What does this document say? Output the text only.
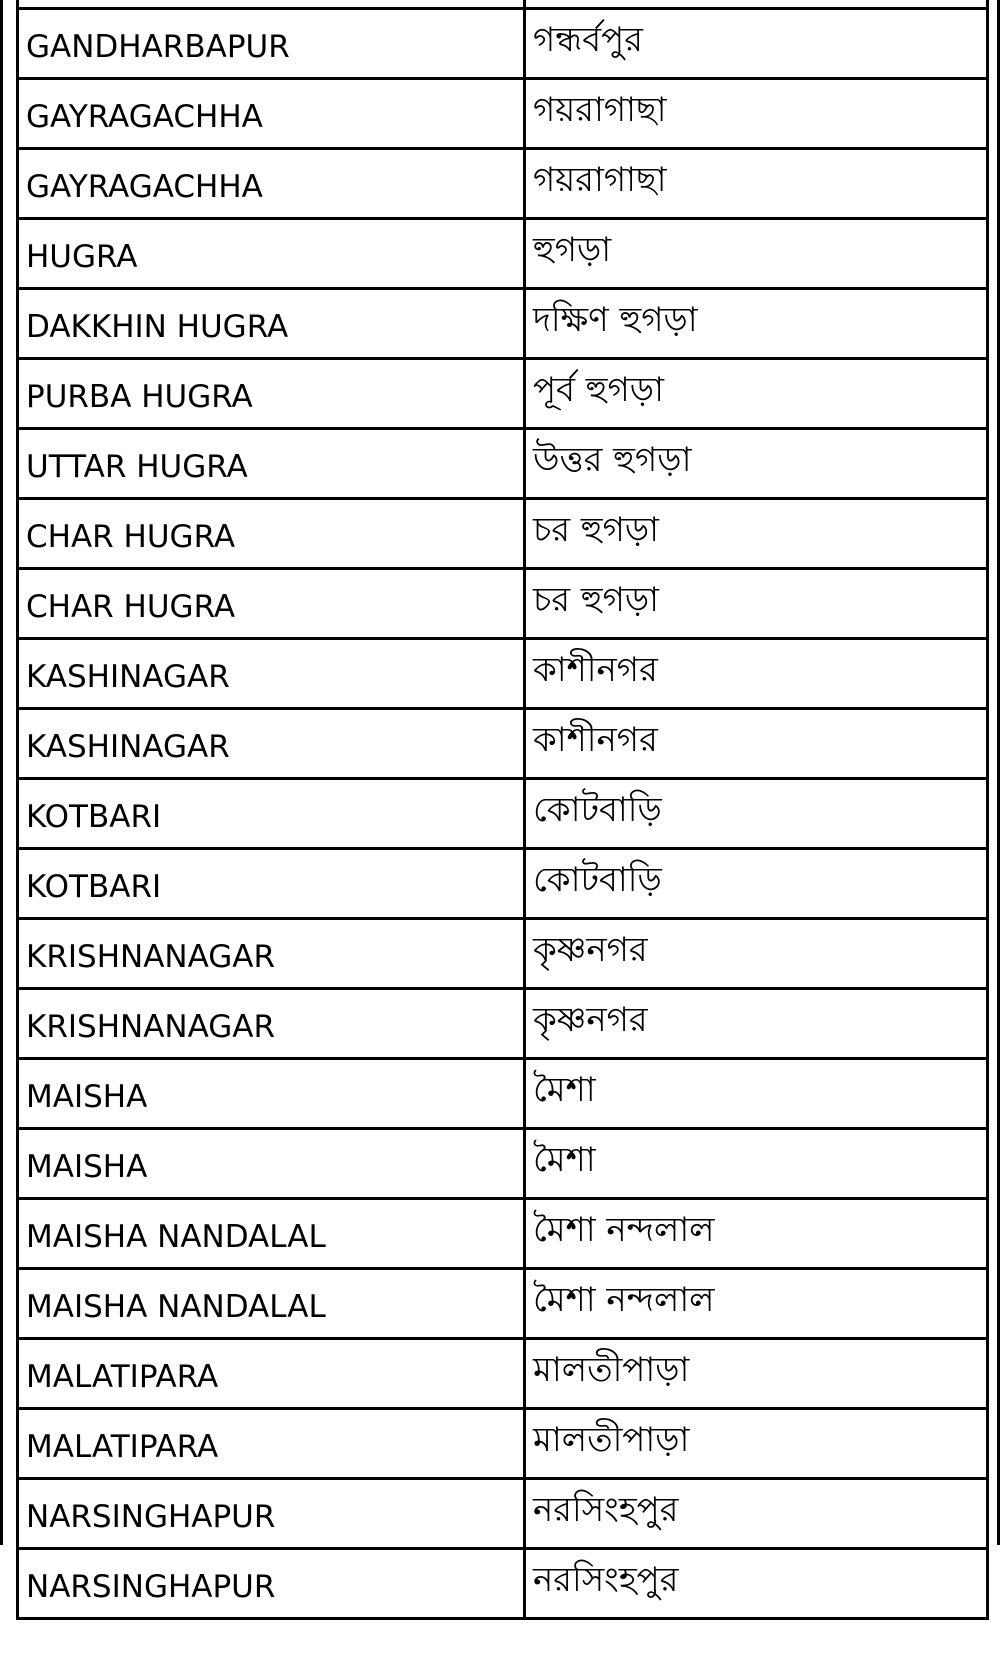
GANDHARBAPUR	গন্ধর্বপুর
GAYRAGACHHA	গয়রাগাছা
GAYRAGACHHA	গয়রাগাছা
HUGRA	হুগড়া
DAKKHIN HUGRA	দক্ষিণ হুগড়া
PURBA HUGRA	পূর্ব হুগড়া
UTTAR HUGRA	উত্তর হুগড়া
CHAR HUGRA	চর হুগড়া
CHAR HUGRA	চর হুগড়া
KASHINAGAR	কাশীনগর
KASHINAGAR	কাশীনগর
KOTBARI	কোটবাড়ি
KOTBARI	কোটবাড়ি
KRISHNANAGAR	কৃষ্ণনগর
KRISHNANAGAR	কৃষ্ণনগর
MAISHA	মৈশা
MAISHA	মৈশা
MAISHA NANDALAL	মৈশা নন্দলাল
MAISHA NANDALAL	মৈশা নন্দলাল
MALATIPARA	মালতীপাড়া
MALATIPARA	মালতীপাড়া
NARSINGHAPUR	নরসিংহপুর
NARSINGHAPUR	নরসিংহপুর
